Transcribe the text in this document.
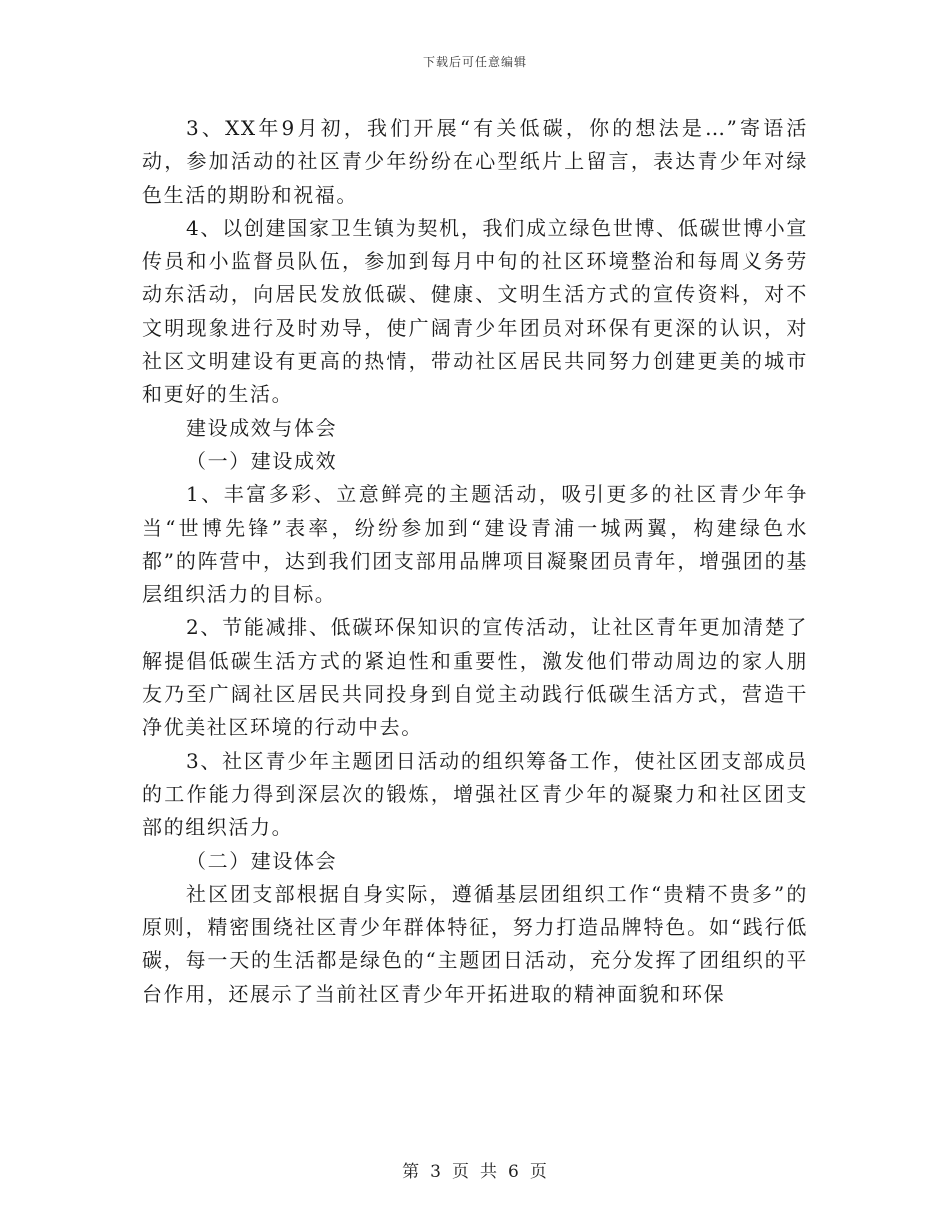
下载后可任意编辑

3、XX年9月初，我们开展“有关低碳，你的想法是…”寄语活动，参加活动的社区青少年纷纷在心型纸片上留言，表达青少年对绿色生活的期盼和祝福。

4、以创建国家卫生镇为契机，我们成立绿色世博、低碳世博小宣传员和小监督员队伍，参加到每月中旬的社区环境整治和每周义务劳动东活动，向居民发放低碳、健康、文明生活方式的宣传资料，对不文明现象进行及时劝导，使广阔青少年团员对环保有更深的认识，对社区文明建设有更高的热情，带动社区居民共同努力创建更美的城市和更好的生活。

建设成效与体会

（一）建设成效

1、丰富多彩、立意鲜亮的主题活动，吸引更多的社区青少年争当“世博先锋”表率，纷纷参加到“建设青浦一城两翼，构建绿色水都”的阵营中，达到我们团支部用品牌项目凝聚团员青年，增强团的基层组织活力的目标。

2、节能减排、低碳环保知识的宣传活动，让社区青年更加清楚了解提倡低碳生活方式的紧迫性和重要性，激发他们带动周边的家人朋友乃至广阔社区居民共同投身到自觉主动践行低碳生活方式，营造干净优美社区环境的行动中去。

3、社区青少年主题团日活动的组织筹备工作，使社区团支部成员的工作能力得到深层次的锻炼，增强社区青少年的凝聚力和社区团支部的组织活力。

（二）建设体会

社区团支部根据自身实际，遵循基层团组织工作“贵精不贵多”的原则，精密围绕社区青少年群体特征，努力打造品牌特色。如“践行低碳，每一天的生活都是绿色的“主题团日活动，充分发挥了团组织的平台作用，还展示了当前社区青少年开拓进取的精神面貌和环保

第 3 页 共 6 页
